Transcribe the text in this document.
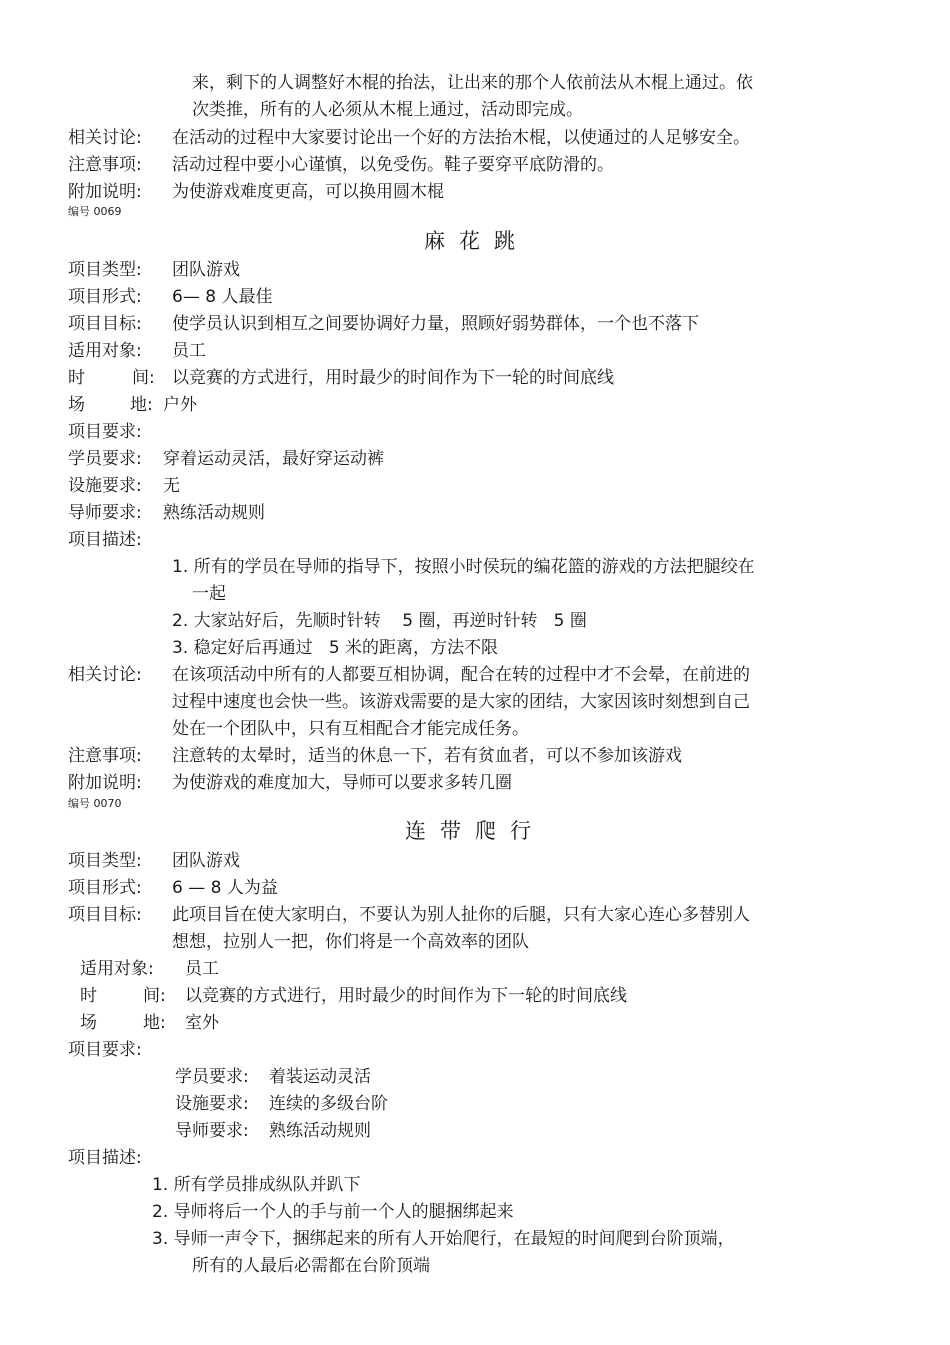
来，剩下的人调整好木棍的抬法，让出来的那个人依前法从木棍上通过。依
次类推，所有的人必须从木棍上通过，活动即完成。
相关讨论: 在活动的过程中大家要讨论出一个好的方法抬木棍，以使通过的人足够安全。
注意事项: 活动过程中要小心谨慎，以免受伤。鞋子要穿平底防滑的。
附加说明: 为使游戏难度更高，可以换用圆木棍
编号 0069
麻花跳
项目类型: 团队游戏
项目形式: 6— 8 人最佳
项目目标: 使学员认识到相互之间要协调好力量，照顾好弱势群体，一个也不落下
适用对象: 员工
时	间: 以竞赛的方式进行，用时最少的时间作为下一轮的时间底线
场	地: 户外
项目要求:
学员要求: 穿着运动灵活，最好穿运动裤
设施要求: 无
导师要求: 熟练活动规则
项目描述:
1. 所有的学员在导师的指导下，按照小时侯玩的编花篮的游戏的方法把腿绞在
一起
2. 大家站好后，先顺时针转    5 圈，再逆时针转   5 圈
3. 稳定好后再通过   5 米的距离，方法不限
相关讨论: 在该项活动中所有的人都要互相协调，配合在转的过程中才不会晕，在前进的
过程中速度也会快一些。该游戏需要的是大家的团结，大家因该时刻想到自己
处在一个团队中，只有互相配合才能完成任务。
注意事项: 注意转的太晕时，适当的休息一下，若有贫血者，可以不参加该游戏
附加说明: 为使游戏的难度加大，导师可以要求多转几圈
编号 0070
连带爬行
项目类型: 团队游戏
项目形式: 6 — 8 人为益
项目目标: 此项目旨在使大家明白，不要认为别人扯你的后腿，只有大家心连心多替别人
想想，拉别人一把，你们将是一个高效率的团队
适用对象: 员工
时	间: 以竞赛的方式进行，用时最少的时间作为下一轮的时间底线
场	地: 室外
项目要求:
学员要求: 着装运动灵活
设施要求: 连续的多级台阶
导师要求: 熟练活动规则
项目描述:
1. 所有学员排成纵队并趴下
2. 导师将后一个人的手与前一个人的腿捆绑起来
3. 导师一声令下，捆绑起来的所有人开始爬行，在最短的时间爬到台阶顶端，
所有的人最后必需都在台阶顶端
